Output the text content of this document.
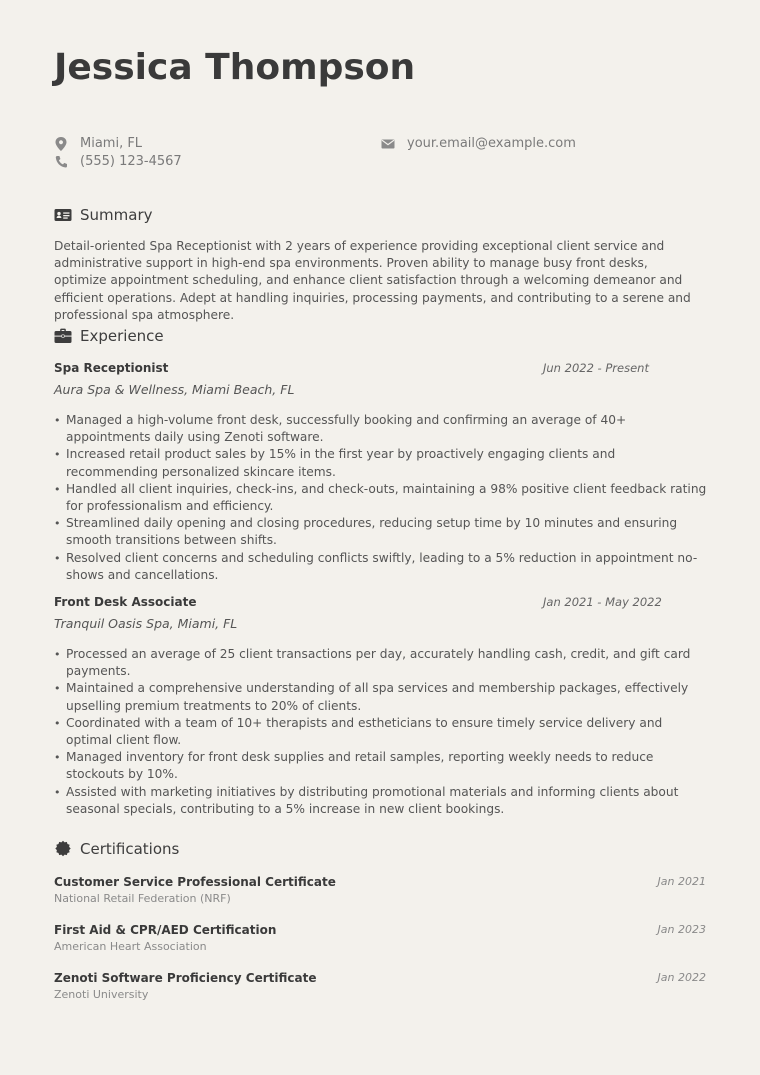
Jessica Thompson
Miami, FL
(555) 123-4567
your.email@example.com
Summary

Detail-oriented Spa Receptionist with 2 years of experience providing exceptional client service and administrative support in high-end spa environments. Proven ability to manage busy front desks, optimize appointment scheduling, and enhance client satisfaction through a welcoming demeanor and efficient operations. Adept at handling inquiries, processing payments, and contributing to a serene and professional spa atmosphere.

Experience
Spa Receptionist	Jun 2022 - Present
Aura Spa & Wellness, Miami Beach, FL
• Managed a high-volume front desk, successfully booking and confirming an average of 40+ appointments daily using Zenoti software.
• Increased retail product sales by 15% in the first year by proactively engaging clients and recommending personalized skincare items.
• Handled all client inquiries, check-ins, and check-outs, maintaining a 98% positive client feedback rating for professionalism and efficiency.
• Streamlined daily opening and closing procedures, reducing setup time by 10 minutes and ensuring smooth transitions between shifts.
• Resolved client concerns and scheduling conflicts swiftly, leading to a 5% reduction in appointment no-shows and cancellations.
Front Desk Associate	Jan 2021 - May 2022
Tranquil Oasis Spa, Miami, FL
• Processed an average of 25 client transactions per day, accurately handling cash, credit, and gift card payments.
• Maintained a comprehensive understanding of all spa services and membership packages, effectively upselling premium treatments to 20% of clients.
• Coordinated with a team of 10+ therapists and estheticians to ensure timely service delivery and optimal client flow.
• Managed inventory for front desk supplies and retail samples, reporting weekly needs to reduce stockouts by 10%.
• Assisted with marketing initiatives by distributing promotional materials and informing clients about seasonal specials, contributing to a 5% increase in new client bookings.
Certifications
Customer Service Professional Certificate	Jan 2021
National Retail Federation (NRF)
First Aid & CPR/AED Certification	Jan 2023
American Heart Association
Zenoti Software Proficiency Certificate	Jan 2022
Zenoti University
